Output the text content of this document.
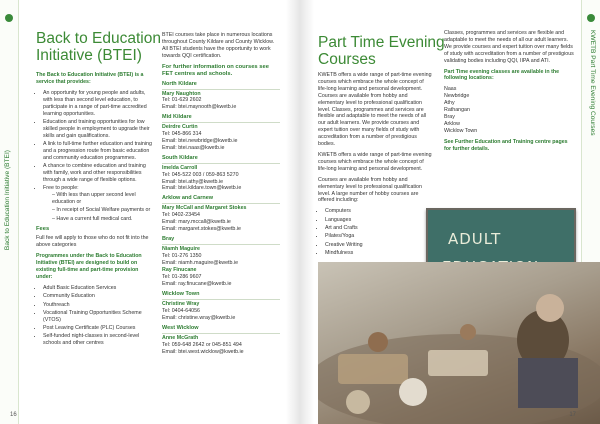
Back to Education Initiative (BTEI)
Back to Education
Initiative (BTEI)

The Back to Education Initiative (BTEI) is a service that provides:

• An opportunity for young people and adults, with less than second level education, to participate in a range of part-time accredited learning opportunities.
• Education and training opportunities for low skilled people in employment to upgrade their skills and gain qualifications.
• A link to full-time further education and training and a progression route from basic education and community education programmes.
• A chance to combine education and training with family, work and other responsibilities through a wide range of flexible options.
• Free to people:
– With less than upper second level education or
– In receipt of Social Welfare payments or
– Have a current full medical card.
Fees

Full fee will apply to those who do not fit into the above categories

Programmes under the Back to Education Initiative (BTEI) are designed to build on existing full-time and part-time provision under:

• Adult Basic Education Services
• Community Education
• Youthreach
• Vocational Training Opportunities Scheme (VTOS)
• Post Leaving Certificate (PLC) Courses
• Self-funded night-classes in second-level schools and other centres

BTEI courses take place in numerous locations throughout County Kildare and County Wicklow. All BTEI students have the opportunity to work towards QQI certification.

For further information on courses see FET centres and schools.
North Kildare
Mary Naughton
Tel: 01-629 2602
Email: btei.maynooth@kwetb.ie
Mid Kildare
Deirdre Curtin
Tel: 045-866 314
Email: btei.newbridge@kwetb.ie
Email: btei.naas@kwetb.ie
South Kildare
Imelda Carroll
Tel: 045-522 003 / 059-863 5270
Email: btei.athy@kwetb.ie
Email: btei.kildare.town@kwetb.ie
Arklow and Carnew
Mary McCall and Margaret Stokes
Tel: 0402-23454
Email: mary.mccall@kwetb.ie
Email: margaret.stokes@kwetb.ie
Bray
Niamh Maguire
Tel: 01-276 1350
Email: niamh.maguire@kwetb.ie
Ray Finucane
Tel: 01-286 9607
Email: ray.finucane@kwetb.ie
Wicklow Town
Christine Wray
Tel: 0404-64056
Email: christine.wray@kwetb.ie
West Wicklow
Anne McGrath
Tel: 059-648 2642 or 045-851 494
Email: btei.west.wicklow@kwetb.ie
16
KWETB Part Time Evening Courses
Part Time Evening
Courses

KWETB offers a wide range of part-time evening courses which embrace the whole concept of life-long learning and personal development. Courses are available from hobby and elementary level to professional qualification level. Classes, programmes and services are flexible and adaptable to meet the needs of all our adult learners. We provide courses and expert tuition over many fields of study with accreditation from a number of prestigious bodies.

KWETB offers a wide range of part-time evening courses which embrace the whole concept of life-long learning and personal development.

Courses are available from hobby and elementary level to professional qualification level. A large number of hobby courses are offered including:

• Computers
• Languages
• Art and Crafts
• Pilates/Yoga
• Creative Writing
• Mindfulness

Classes, programmes and services are flexible and adaptable to meet the needs of all our adult learners. We provide courses and expert tuition over many fields of study with accreditation from a number of prestigious validating bodies including QQI, IIPA and ATI.

Part Time evening classes are available in the following locations:

Naas
Newbridge
Athy
Rathangan
Bray
Arklow
Wicklow Town

See Further Education and Training centre pages for further details.

ADULT
17
